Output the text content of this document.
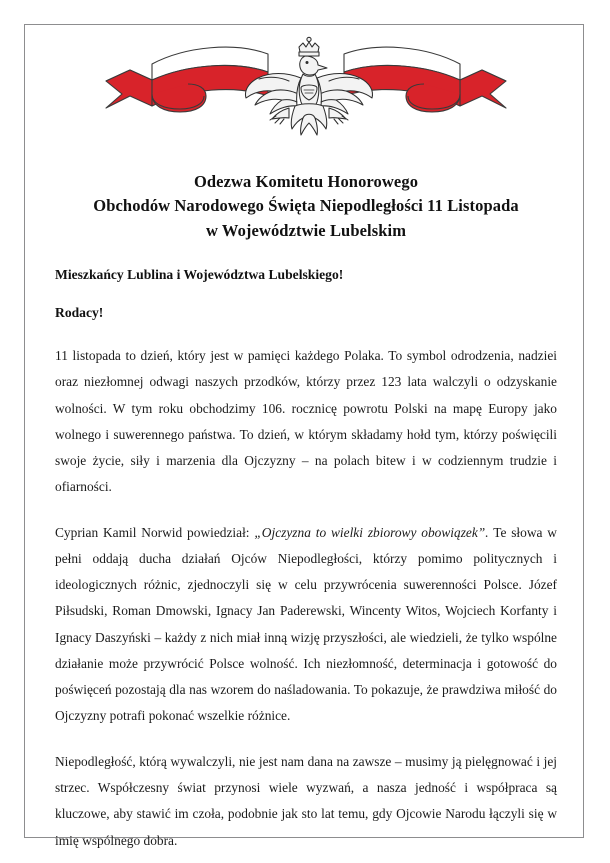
Odezwa Komitetu Honorowego
Obchodów Narodowego Święta Niepodległości 11 Listopada
w Województwie Lubelskim

Mieszkańcy Lublina i Województwa Lubelskiego!

Rodacy!

11 listopada to dzień, który jest w pamięci każdego Polaka. To symbol odrodzenia, nadziei oraz niezłomnej odwagi naszych przodków, którzy przez 123 lata walczyli o odzyskanie wolności. W tym roku obchodzimy 106. rocznicę powrotu Polski na mapę Europy jako wolnego i suwerennego państwa. To dzień, w którym składamy hołd tym, którzy poświęcili swoje życie, siły i marzenia dla Ojczyzny – na polach bitew i w codziennym trudzie i ofiarności.

Cyprian Kamil Norwid powiedział: „Ojczyzna to wielki zbiorowy obowiązek”. Te słowa w pełni oddają ducha działań Ojców Niepodległości, którzy pomimo politycznych i ideologicznych różnic, zjednoczyli się w celu przywrócenia suwerenności Polsce. Józef Piłsudski, Roman Dmowski, Ignacy Jan Paderewski, Wincenty Witos, Wojciech Korfanty i Ignacy Daszyński – każdy z nich miał inną wizję przyszłości, ale wiedzieli, że tylko wspólne działanie może przywrócić Polsce wolność. Ich niezłomność, determinacja i gotowość do poświęceń pozostają dla nas wzorem do naśladowania. To pokazuje, że prawdziwa miłość do Ojczyzny potrafi pokonać wszelkie różnice.

Niepodległość, którą wywalczyli, nie jest nam dana na zawsze – musimy ją pielęgnować i jej strzec. Współczesny świat przynosi wiele wyzwań, a nasza jedność i współpraca są kluczowe, aby stawić im czoła, podobnie jak sto lat temu, gdy Ojcowie Narodu łączyli się w imię wspólnego dobra.
